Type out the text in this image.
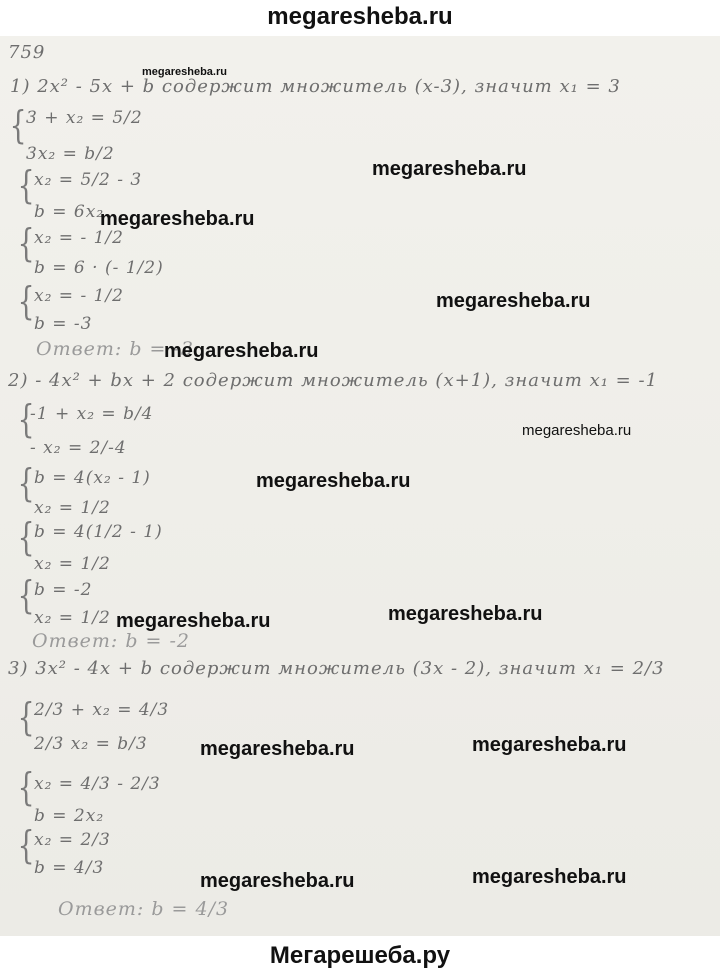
megaresheba.ru
759
1) 2x² - 5x + b содержит множитель (x-3), значит x₁ = 3
{ 3 + x₂ = 5/2
3x₂ = b/2
{ x₂ = 5/2 - 3
b = 6x₂
{ x₂ = - 1/2
b = 6 · (- 1/2)
{ x₂ = - 1/2
b = -3
Ответ: b = -3
2) - 4x² + bx + 2 содержит множитель (x+1), значит x₁ = -1
{
-1 + x₂ = b/4
- x₂ = 2/-4
{ b = 4(x₂ - 1)
x₂ = 1/2
{ b = 4(1/2 - 1)
x₂ = 1/2
{ b = -2
x₂ = 1/2
Ответ: b = -2
3) 3x² - 4x + b содержит множитель (3x - 2), значит x₁ = 2/3
{ 2/3 + x₂ = 4/3
2/3 x₂ = b/3
{ x₂ = 4/3 - 2/3
b = 2x₂
{ x₂ = 2/3
b = 4/3
Ответ: b = 4/3
megaresheba.ru
megaresheba.ru
megaresheba.ru
megaresheba.ru
megaresheba.ru
megaresheba.ru
megaresheba.ru
megaresheba.ru	megaresheba.ru
megaresheba.ru	megaresheba.ru
megaresheba.ru	megaresheba.ru
Мегарешеба.ру
